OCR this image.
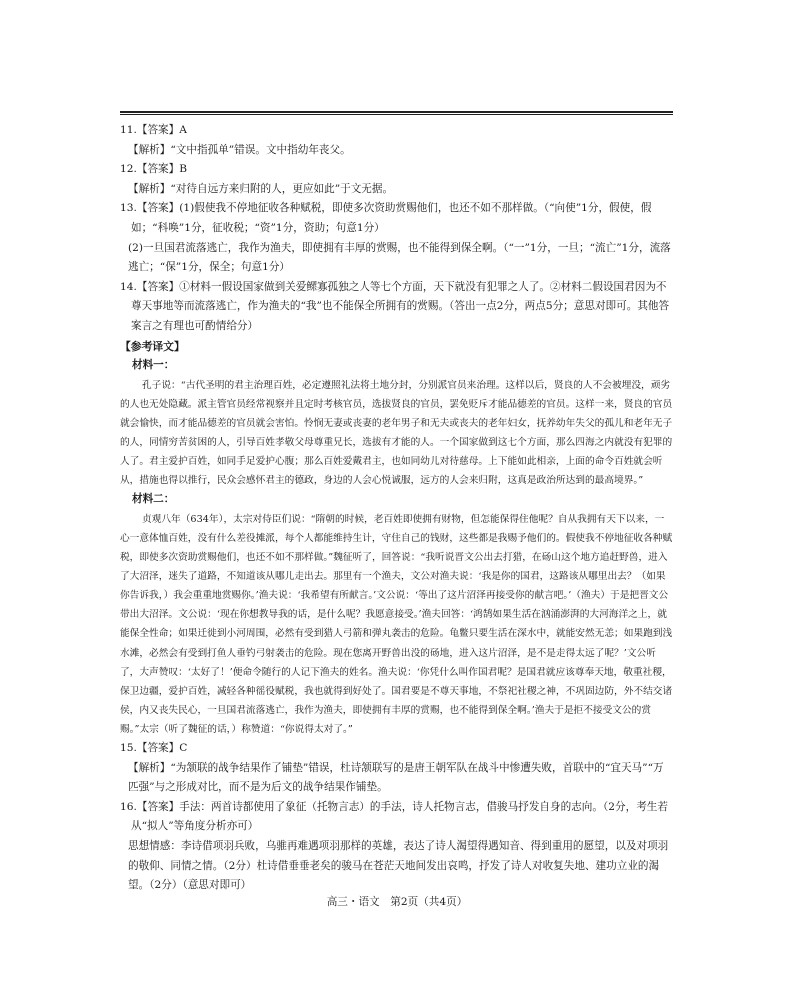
11.【答案】A

【解析】“文中指孤单”错误。文中指幼年丧父。

12.【答案】B

【解析】“对待自远方来归附的人，更应如此”于文无据。

13.【答案】(1)假使我不停地征收各种赋税，即使多次资助赏赐他们，也还不如不那样做。（“向使”1分，假使，假如；“科唤”1分，征收税；“资”1分，资助；句意1分）

(2)一旦国君流落逃亡，我作为渔夫，即使拥有丰厚的赏赐，也不能得到保全啊。（“一”1分，一旦；“流亡”1分，流落逃亡；“保”1分，保全；句意1分）

14.【答案】①材料一假设国家做到关爱鳏寡孤独之人等七个方面，天下就没有犯罪之人了。②材料二假设国君因为不尊天事地等而流落逃亡，作为渔夫的“我”也不能保全所拥有的赏赐。（答出一点2分，两点5分；意思对即可。其他答案言之有理也可酌情给分）

【参考译文】

材料一：

孔子说：“古代圣明的君主治理百姓，必定遵照礼法将土地分封，分别派官员来治理。这样以后，贤良的人不会被埋没，顽劣的人也无处隐藏。派主管官员经常视察并且定时考核官员，选拔贤良的官员，罢免贬斥才能品德差的官员。这样一来，贤良的官员就会愉快，而才能品德差的官员就会害怕。怜悯无妻或丧妻的老年男子和无夫或丧夫的老年妇女，抚养幼年失父的孤儿和老年无子的人，同情穷苦贫困的人，引导百姓孝敬父母尊重兄长，选拔有才能的人。一个国家做到这七个方面，那么四海之内就没有犯罪的人了。君主爱护百姓，如同手足爱护心腹；那么百姓爱戴君主，也如同幼儿对待慈母。上下能如此相亲，上面的命令百姓就会听从，措施也得以推行，民众会感怀君主的德政，身边的人会心悦诚服，远方的人会来归附，这真是政治所达到的最高境界。”

材料二：

贞观八年（634年），太宗对侍臣们说：“隋朝的时候，老百姓即使拥有财物，但怎能保得住他呢？自从我拥有天下以来，一心一意体恤百姓，没有什么差役摊派，每个人都能维持生计，守住自己的钱财，这些都是我赐予他们的。假使我不停地征收各种赋税，即使多次资助赏赐他们，也还不如不那样做。”魏征听了，回答说：“我听说晋文公出去打猎，在砀山这个地方追赶野兽，进入了大沼泽，迷失了道路，不知道该从哪儿走出去。那里有一个渔夫，文公对渔夫说：‘我是你的国君，这路该从哪里出去？（如果你告诉我，）我会重重地赏赐你。’渔夫说：‘我希望有所献言。’文公说：‘等出了这片沼泽再接受你的献言吧。’（渔夫）于是把晋文公带出大沼泽。文公说：‘现在你想教导我的话，是什么呢？我愿意接受。’渔夫回答：‘鸿鹄如果生活在汹涌澎湃的大河海洋之上，就能保全性命；如果迁徙到小河周围，必然有受到猎人弓箭和弹丸袭击的危险。龟鳖只要生活在深水中，就能安然无恙；如果跑到浅水滩，必然会有受到打鱼人垂钓弓射袭击的危险。现在您离开野兽出没的砀地，进入这片沼泽，是不是走得太远了呢？’文公听了，大声赞叹：‘太好了！’便命令随行的人记下渔夫的姓名。渔夫说：‘你凭什么叫作国君呢？是国君就应该尊奉天地，敬重社稷，保卫边疆，爱护百姓，减轻各种徭役赋税，我也就得到好处了。国君要是不尊天事地，不祭祀社稷之神，不巩固边防，外不结交诸侯，内又丧失民心，一旦国君流落逃亡，我作为渔夫，即使拥有丰厚的赏赐，也不能得到保全啊。’渔夫于是拒不接受文公的赏赐。”太宗（听了魏征的话，）称赞道：“你说得太对了。”

15.【答案】C

【解析】“为颔联的战争结果作了铺垫”错误，杜诗颔联写的是唐王朝军队在战斗中惨遭失败，首联中的“宜天马”“万匹强”与之形成对比，而不是为后文的战争结果作铺垫。

16.【答案】手法：两首诗都使用了象征（托物言志）的手法，诗人托物言志，借骏马抒发自身的志向。（2分，考生若从“拟人”等角度分析亦可）

思想情感：李诗借项羽兵败，乌骓再难遇项羽那样的英雄，表达了诗人渴望得遇知音、得到重用的愿望，以及对项羽的敬仰、同情之情。（2分）杜诗借垂垂老矣的骏马在苍茫天地间发出哀鸣，抒发了诗人对收复失地、建功立业的渴望。（2分）（意思对即可）

高三・语文　第2页（共4页）
